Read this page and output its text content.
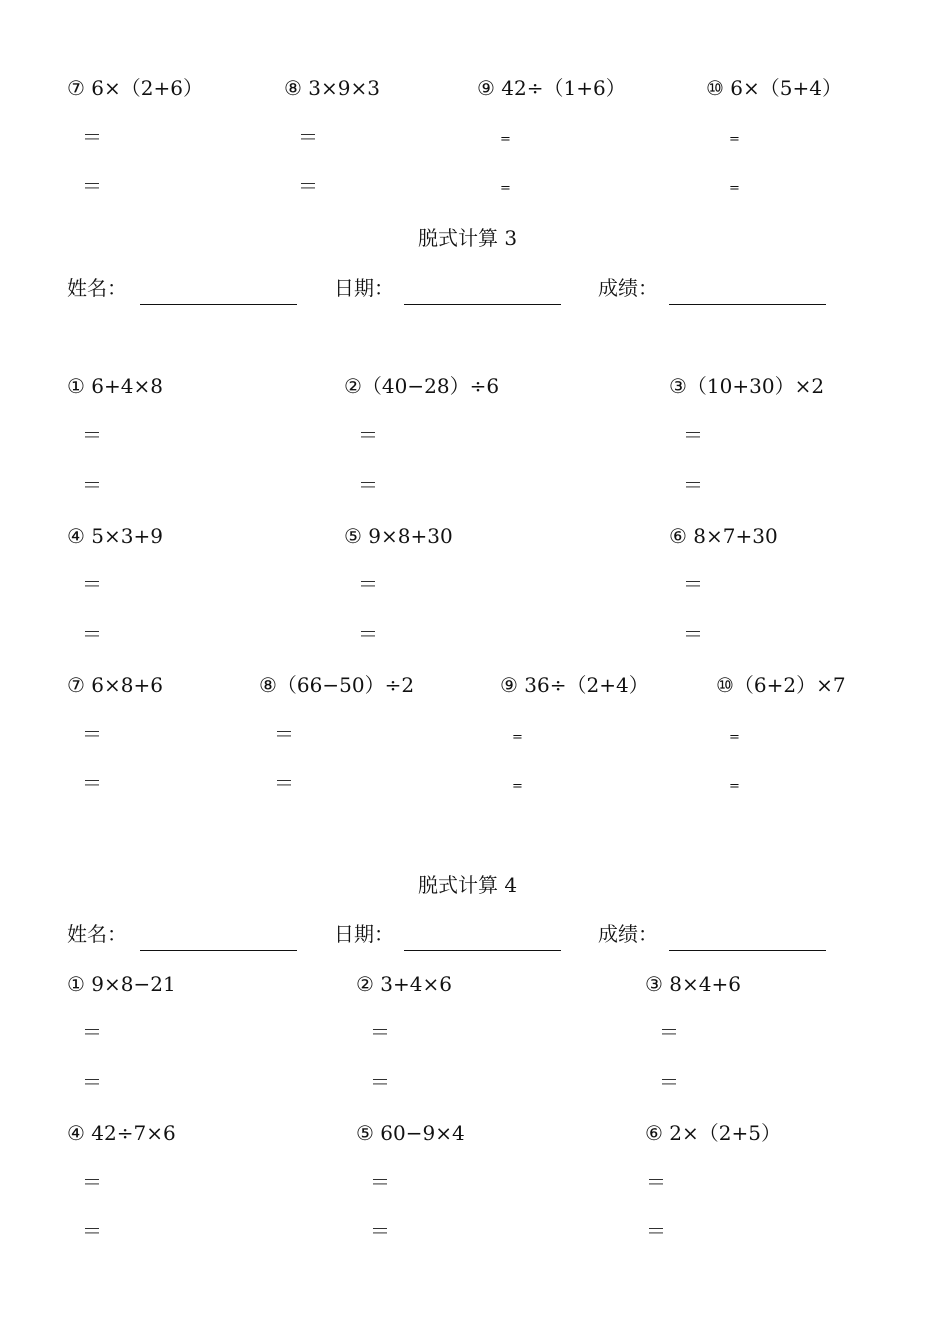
⑦ 6×（2+6）	⑧ 3×9×3	⑨ 42÷（1+6）	⑩ 6×（5+4）
＝
＝
＝
＝
=
=
=
=
脱式计算 3
姓名：	日期：	成绩：
① 6+4×8	②（40−28）÷6	③（10+30）×2
＝
＝
＝
＝
＝
＝
④ 5×3+9	⑤ 9×8+30	⑥ 8×7+30
＝
＝
＝
＝
＝
＝
⑦ 6×8+6	⑧（66−50）÷2	⑨ 36÷（2+4）	⑩（6+2）×7
＝
＝
＝
＝
=
=
=
=
脱式计算 4
姓名：	日期：	成绩：
① 9×8−21	② 3+4×6	③ 8×4+6
＝
＝
＝
＝
＝
＝
④ 42÷7×6	⑤ 60−9×4	⑥ 2×（2+5）
＝
＝
＝
＝
＝
＝
